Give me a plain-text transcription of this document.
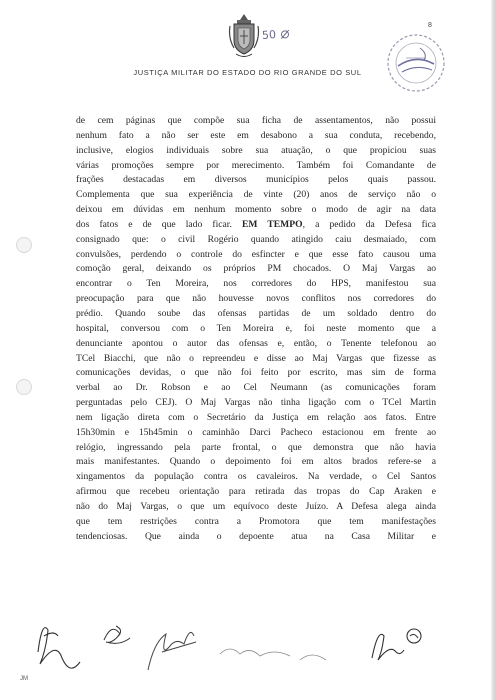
50
8
JUSTIÇA MILITAR DO ESTADO DO RIO GRANDE DO SUL
de cem páginas que compõe sua ficha de assentamentos, não possui
nenhum fato a não ser este em desabono a sua conduta, recebendo,
inclusive, elogios individuais sobre sua atuação, o que propiciou suas
várias promoções sempre por merecimento. Também foi Comandante de
frações destacadas em diversos municípios pelos quais passou.
Complementa que sua experiência de vinte (20) anos de serviço não o
deixou em dúvidas em nenhum momento sobre o modo de agir na data
dos fatos e de que lado ficar. EM TEMPO, a pedido da Defesa fica
consignado que: o civil Rogério quando atingido caiu desmaiado, com
convulsões, perdendo o controle do esfincter e que esse fato causou uma
comoção geral, deixando os próprios PM chocados. O Maj Vargas ao
encontrar o Ten Moreira, nos corredores do HPS, manifestou sua
preocupação para que não houvesse novos conflitos nos corredores do
prédio. Quando soube das ofensas partidas de um soldado dentro do
hospital, conversou com o Ten Moreira e, foi neste momento que a
denunciante apontou o autor das ofensas e, então, o Tenente telefonou ao
TCel Biacchi, que não o repreendeu e disse ao Maj Vargas que fizesse as
comunicações devidas, o que não foi feito por escrito, mas sim de forma
verbal ao Dr. Robson e ao Cel Neumann (as comunicações foram
perguntadas pelo CEJ). O Maj Vargas não tinha ligação com o TCel Martin
nem ligação direta com o Secretário da Justiça em relação aos fatos. Entre
15h30min e 15h45min o caminhão Darci Pacheco estacionou em frente ao
relógio, ingressando pela parte frontal, o que demonstra que não havia
mais manifestantes. Quando o depoimento foi em altos brados refere-se a
xingamentos da população contra os cavaleiros. Na verdade, o Cel Santos
afirmou que recebeu orientação para retirada das tropas do Cap Araken e
não do Maj Vargas, o que um equívoco deste Juízo. A Defesa alega ainda
que tem restrições contra a Promotora que tem manifestações
tendenciosas. Que ainda o depoente atua na Casa Militar e
JM
